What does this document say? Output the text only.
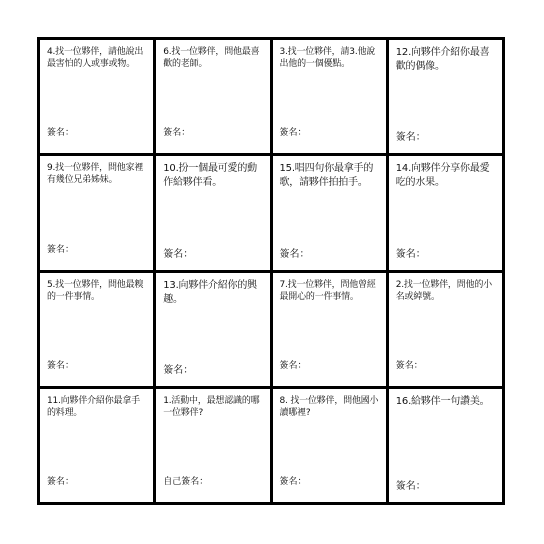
4.找一位夥伴，請他說出最害怕的人或事或物。
簽名：
6.找一位夥伴，問他最喜歡的老師。
簽名：
3.找一位夥伴，請3.他說出他的一個優點。
簽名：
12.向夥伴介紹你最喜歡的偶像。
簽名：
9.找一位夥伴，問他家裡有幾位兄弟姊妹。
簽名：
10.扮一個最可愛的動作給夥伴看。
簽名：
15.唱四句你最拿手的歌，請夥伴拍拍手。
簽名：
14.向夥伴分享你最愛吃的水果。
簽名：
5.找一位夥伴，問他最糗的一件事情。
簽名：
13.向夥伴介紹你的興趣。
簽名：
7.找一位夥伴，問他曾經最開心的一件事情。
簽名：
2.找一位夥伴，問他的小名或綽號。
簽名：
11.向夥伴介紹你最拿手的料理。
簽名：
1.活動中，最想認識的哪一位夥伴?
自己簽名：
8. 找一位夥伴，問他國小讀哪裡?
簽名：
16.給夥伴一句讚美。
簽名：
